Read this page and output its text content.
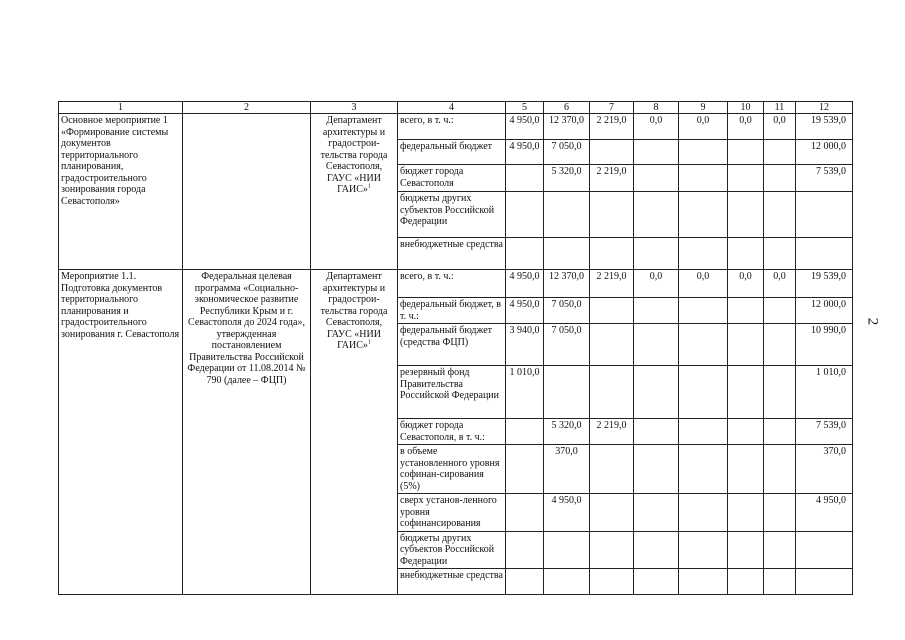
1	2	3	4	5	6	7	8	9	10	11	12
Основное мероприятие 1 «Формирование системы документов территориального планирования, градостроительного зонирования города Севастополя»		Департамент архитектуры и градострои-тельства города Севастополя, ГАУС «НИИ ГАИС»$^1$	всего, в т. ч.:	4 950,0	12 370,0	2 219,0	0,0	0,0	0,0	0,0	19 539,0
			федеральный бюджет	4 950,0	7 050,0						12 000,0
			бюджет города Севастополя		5 320,0	2 219,0					7 539,0
			бюджеты других субъектов Российской Федерации								
			внебюджетные средства								
Мероприятие 1.1. Подготовка документов территориального планирования и градостроительного зонирования г. Севастополя	Федеральная целевая программа «Социально-экономическое развитие Республики Крым и г. Севастополя до 2024 года», утвержденная постановлением Правительства Российской Федерации от 11.08.2014 № 790 (далее – ФЦП)	Департамент архитектуры и градострои-тельства города Севастополя, ГАУС «НИИ ГАИС»$^1$	всего, в т. ч.:	4 950,0	12 370,0	2 219,0	0,0	0,0	0,0	0,0	19 539,0
			федеральный бюджет, в т. ч.:	4 950,0	7 050,0						12 000,0
			федеральный бюджет (средства ФЦП)	3 940,0	7 050,0						10 990,0
			резервный фонд Правительства Российской Федерации	1 010,0							1 010,0
			бюджет города Севастополя, в т. ч.:		5 320,0	2 219,0					7 539,0
			в объеме установленного уровня софинан-сирования (5%)		370,0						370,0
			сверх установ-ленного уровня софинансирования		4 950,0						4 950,0
			бюджеты других субъектов Российской Федерации								
			внебюджетные средства								
2
